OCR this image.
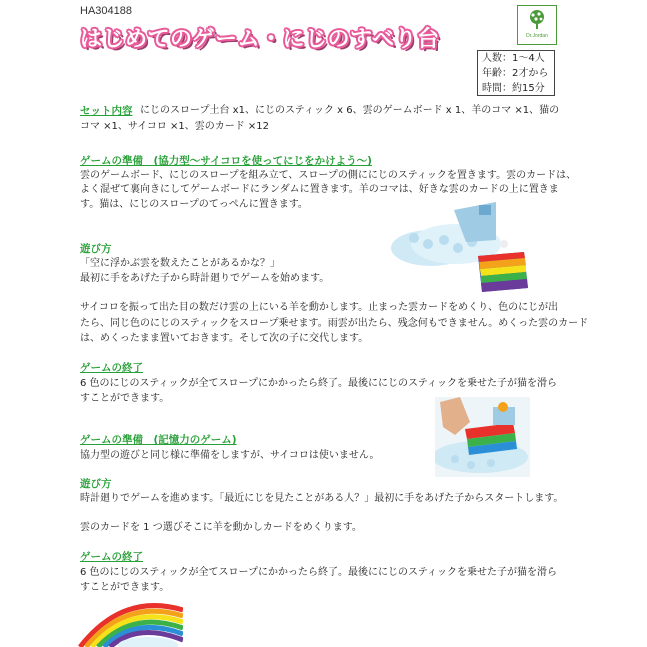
HA304188
はじめてのゲーム・にじのすべり台	Dr.Jordan
人数：1～4人
年齢：2才から
時間：約15分
セット内容 にじのスロープ土台 x1、にじのスティック x 6、雲のゲームボード x 1、羊のコマ ×1、猫の
コマ ×1、サイコロ ×1、雲のカード ×12
ゲームの準備　(協力型～サイコロを使ってにじをかけよう～)
雲のゲームボード、にじのスロープを組み立て、スロープの側ににじのスティックを置きます。雲のカードは、
よく混ぜて裏向きにしてゲームボードにランダムに置きます。羊のコマは、好きな雲のカードの上に置きま
す。猫は、にじのスロープのてっぺんに置きます。
遊び方
「空に浮かぶ雲を数えたことがあるかな？」
最初に手をあげた子から時計廻りでゲームを始めます。
サイコロを振って出た目の数だけ雲の上にいる羊を動かします。止まった雲カードをめくり、色のにじが出
たら、同じ色のにじのスティックをスロープ乗せます。雨雲が出たら、残念何もできません。めくった雲のカード
は、めくったまま置いておきます。そして次の子に交代します。
ゲームの終了
6 色のにじのスティックが全てスロープにかかったら終了。最後ににじのスティックを乗せた子が猫を滑ら
すことができます。
ゲームの準備　(記憶力のゲーム)
協力型の遊びと同じ様に準備をしますが、サイコロは使いません。
遊び方
時計廻りでゲームを進めます。「最近にじを見たことがある人？」最初に手をあげた子からスタートします。
雲のカードを 1 つ選びそこに羊を動かしカードをめくります。
ゲームの終了
6 色のにじのスティックが全てスロープにかかったら終了。最後ににじのスティックを乗せた子が猫を滑ら
すことができます。
